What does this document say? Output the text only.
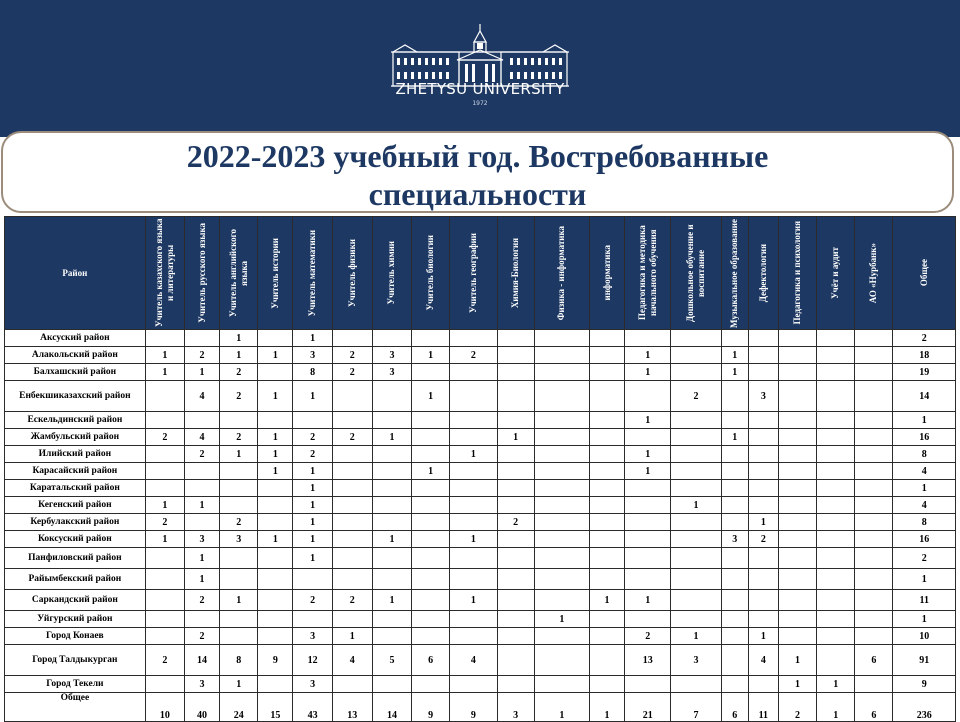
ZHETYSU UNIVERSITY
1972
2022-2023 учебный год. Востребованные
специальности
Район	Учитель казахского языка и литературы	Учитель русского языка	Учитель английского языка	Учитель истории	Учитель математики	Учитель физики	Учитель химии	Учитель биологии	Учитель географии	Химия-Биология	Физика - информатика	информатика	Педагогика и методика начального обучения	Дошкольное обучение и воспитание	Музыкальное образование	Дефектология	Педагогика и психология	Учёт и аудит	АО «Нурбанк»	Общее

Аксуский район			1		1															2
Алакольский район	1	2	1	1	3	2	3	1	2				1		1					18
Балхашский район	1	1	2		8	2	3						1		1					19
Енбекшиказахский район		4	2	1	1			1						2		3				14
Ескельдинский район													1							1
Жамбульский район	2	4	2	1	2	2	1			1					1					16
Илийский район		2	1	1	2				1				1							8
Карасайский район				1	1			1					1							4
Каратальский район					1															1
Кегенский район	1	1			1									1						4
Кербулакский район	2		2		1					2						1				8
Коксуский район	1	3	3	1	1		1		1						3	2				16
Панфиловский район		1			1															2
Райымбекский район		1																		1
Саркандский район		2	1		2	2	1		1			1	1							11
Уйгурский район											1									1
Город Конаев		2			3	1							2	1		1				10
Город Талдыкурган	2	14	8	9	12	4	5	6	4				13	3		4	1		6	91
Город Текели		3	1		3												1	1		9
Общее	10	40	24	15	43	13	14	9	9	3	1	1	21	7	6	11	2	1	6	236
